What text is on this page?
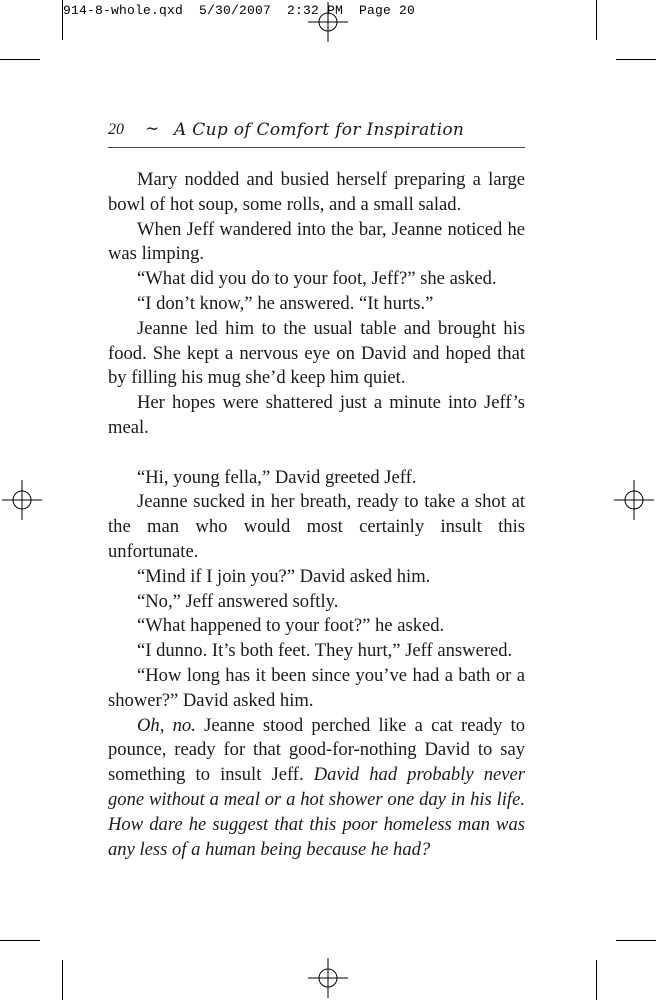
914-8-whole.qxd  5/30/2007  2:32 PM  Page 20
20 ∼ A Cup of Comfort for Inspiration

Mary nodded and busied herself preparing a large bowl of hot soup, some rolls, and a small salad.

When Jeff wandered into the bar, Jeanne noticed he was limping.

“What did you do to your foot, Jeff?” she asked.

“I don’t know,” he answered. “It hurts.”

Jeanne led him to the usual table and brought his food. She kept a nervous eye on David and hoped that by filling his mug she’d keep him quiet.

Her hopes were shattered just a minute into Jeff’s meal.

“Hi, young fella,” David greeted Jeff.

Jeanne sucked in her breath, ready to take a shot at the man who would most certainly insult this unfortunate.

“Mind if I join you?” David asked him.

“No,” Jeff answered softly.

“What happened to your foot?” he asked.

“I dunno. It’s both feet. They hurt,” Jeff answered.

“How long has it been since you’ve had a bath or a shower?” David asked him.

Oh, no. Jeanne stood perched like a cat ready to pounce, ready for that good-for-nothing David to say something to insult Jeff. David had probably never gone without a meal or a hot shower one day in his life. How dare he suggest that this poor homeless man was any less of a human being because he had?
